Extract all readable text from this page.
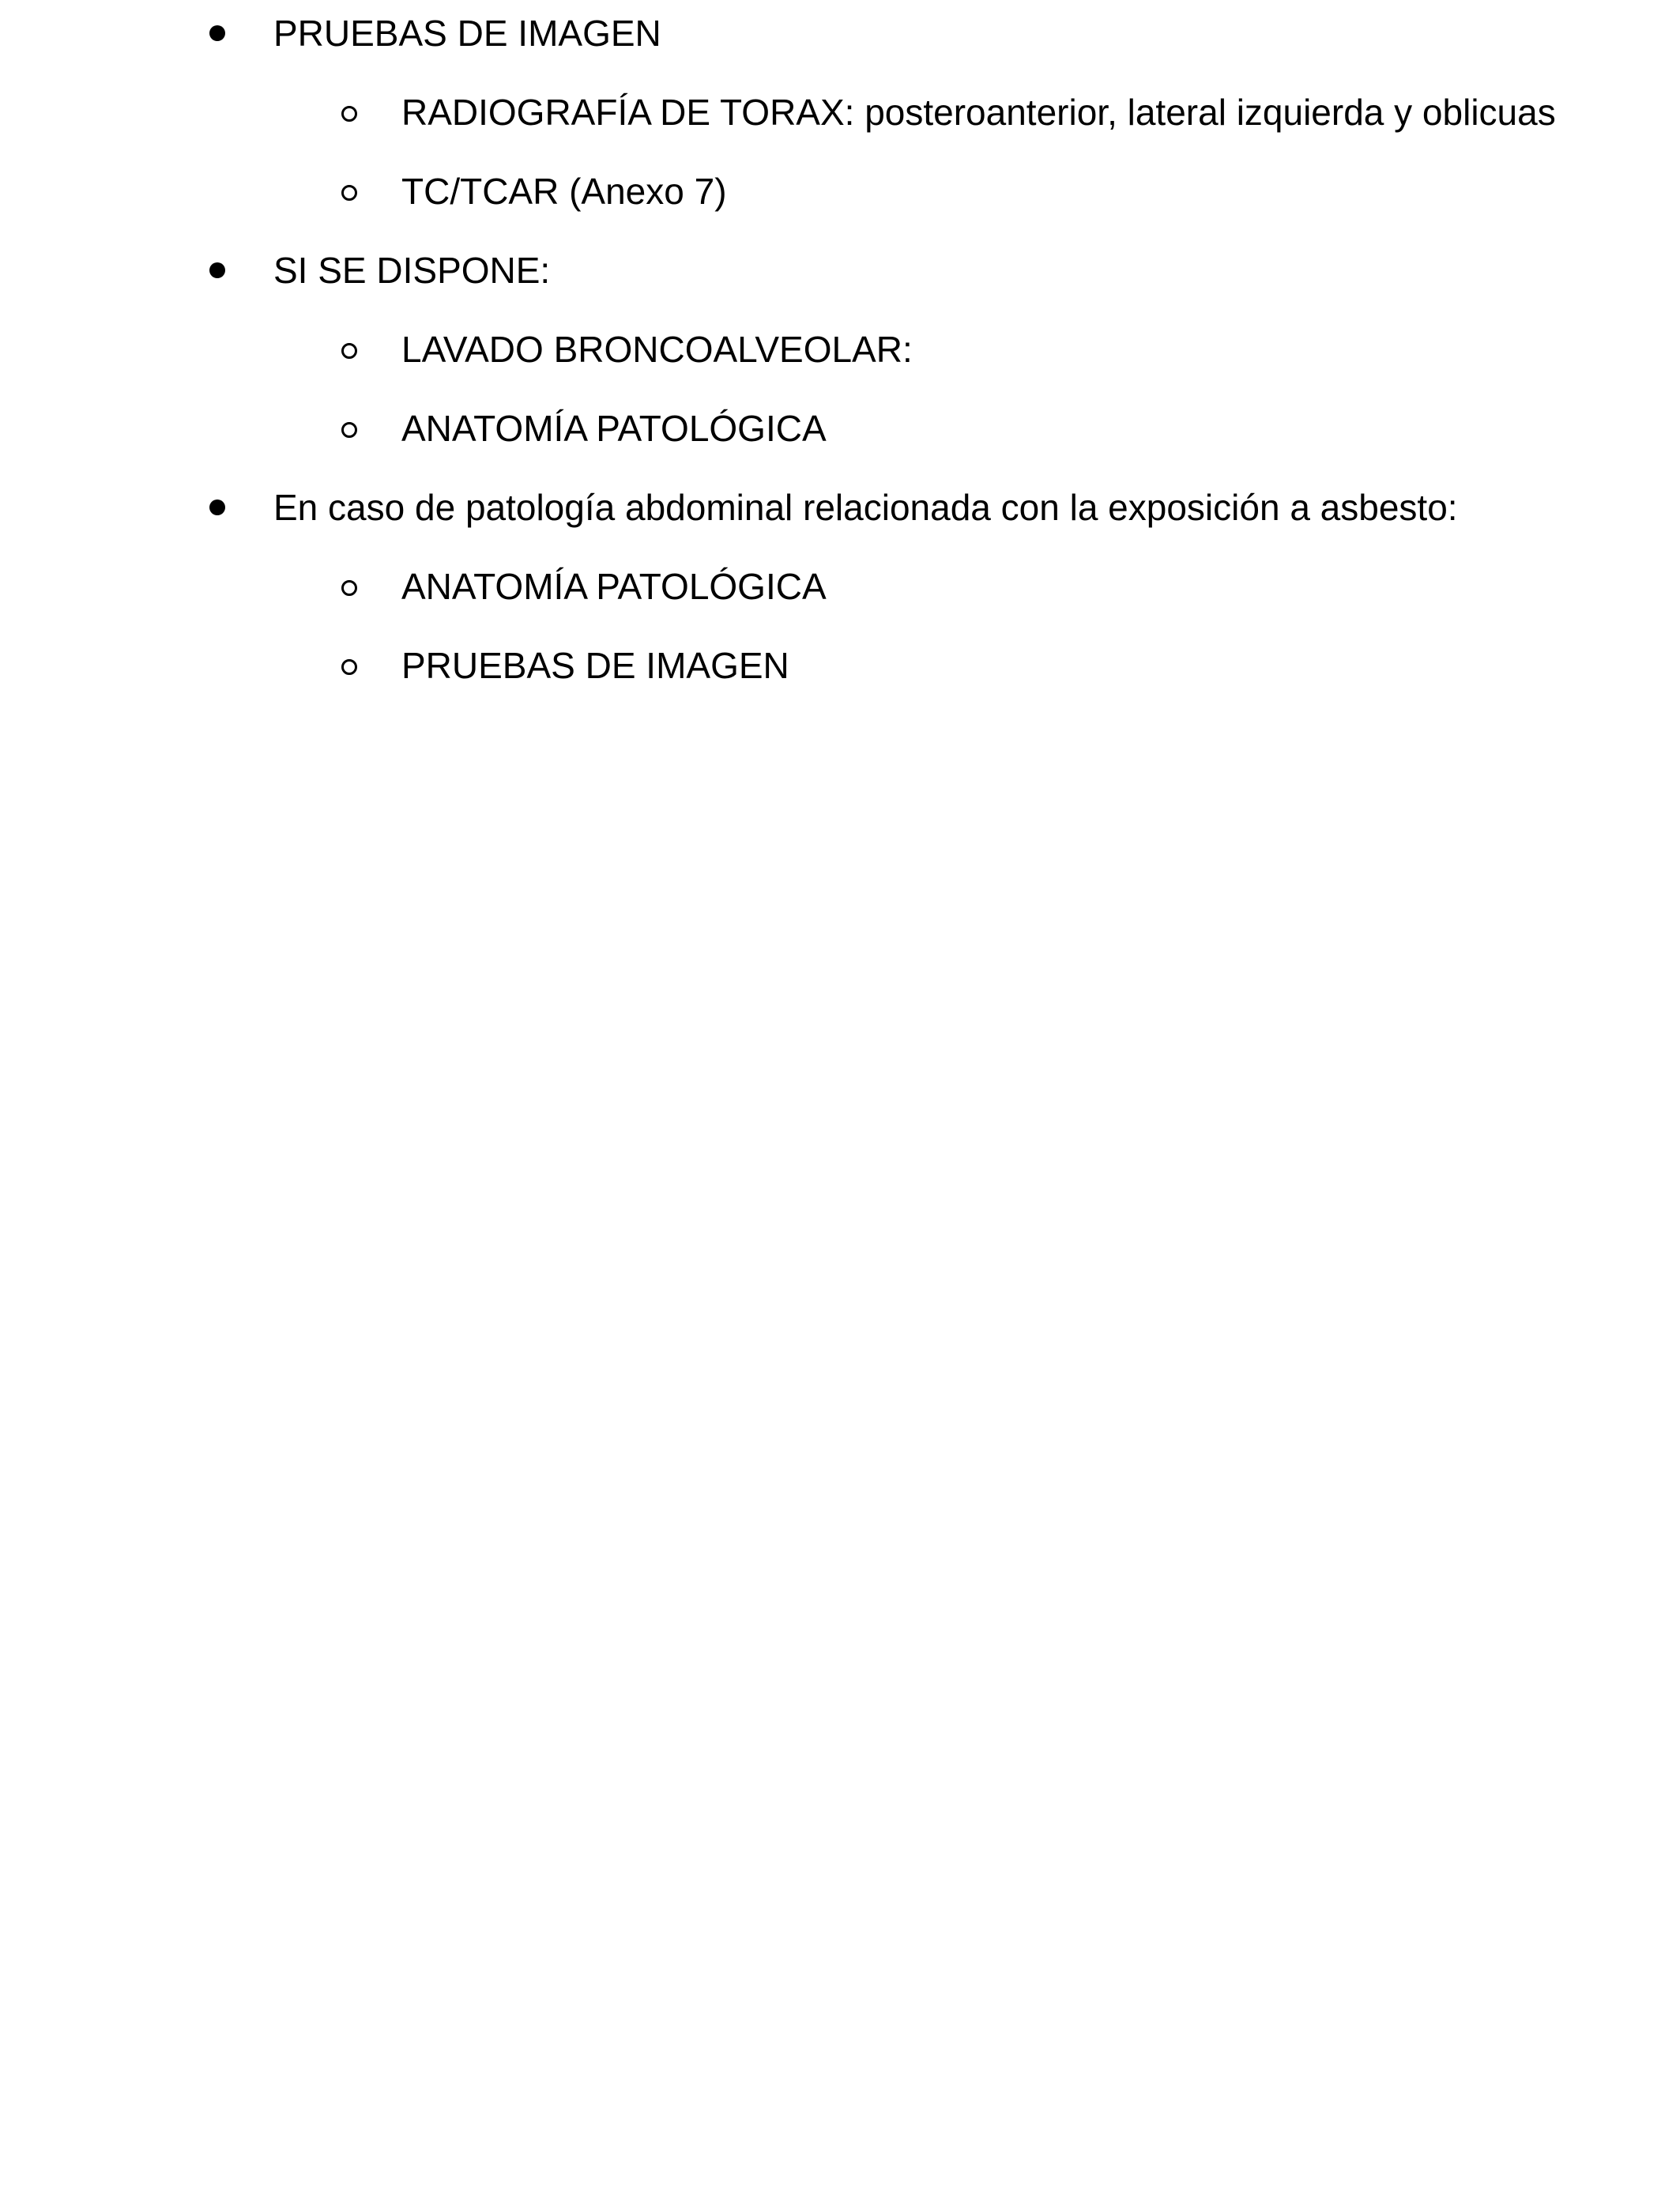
PRUEBAS DE IMAGEN
RADIOGRAFÍA DE TORAX: posteroanterior, lateral izquierda y oblicuas
TC/TCAR (Anexo 7)
SI SE DISPONE:
LAVADO BRONCOALVEOLAR:
ANATOMÍA PATOLÓGICA
En caso de patología abdominal relacionada con la exposición a asbesto:
ANATOMÍA PATOLÓGICA
PRUEBAS DE IMAGEN
